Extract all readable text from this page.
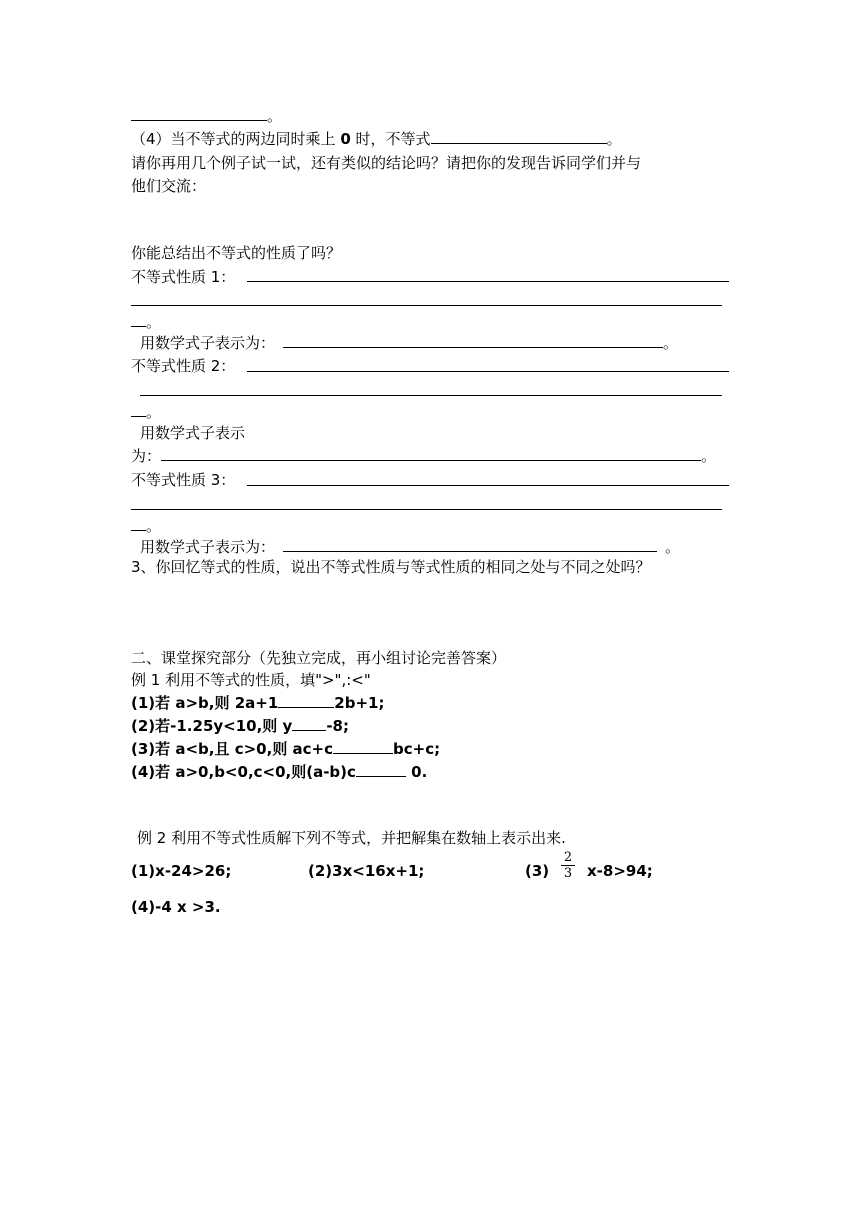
。
（4）当不等式的两边同时乘上 0 时，不等式	。
请你再用几个例子试一试，还有类似的结论吗？请把你的发现告诉同学们并与
他们交流：
你能总结出不等式的性质了吗？
不等式性质 1：
。
用数学式子表示为：	。
不等式性质 2：
。
用数学式子表示
为：	。
不等式性质 3：
。
用数学式子表示为：	。
3、你回忆等式的性质，说出不等式性质与等式性质的相同之处与不同之处吗？
二、课堂探究部分（先独立完成，再小组讨论完善答案）
例 1 利用不等式的性质，填">",:<"
(1)若 a>b,则 2a+1	2b+1;
(2)若-1.25y<10,则 y -8;
(3)若 a<b,且 c>0,则 ac+c	bc+c;
(4)若 a>0,b<0,c<0,则(a-b)c	0.
例 2 利用不等式性质解下列不等式，并把解集在数轴上表示出来.
(1)x-24>26;	(2)3x<16x+1;	$(3) \frac{2}{3} x-8>94$;
(4)-4 x >3.
